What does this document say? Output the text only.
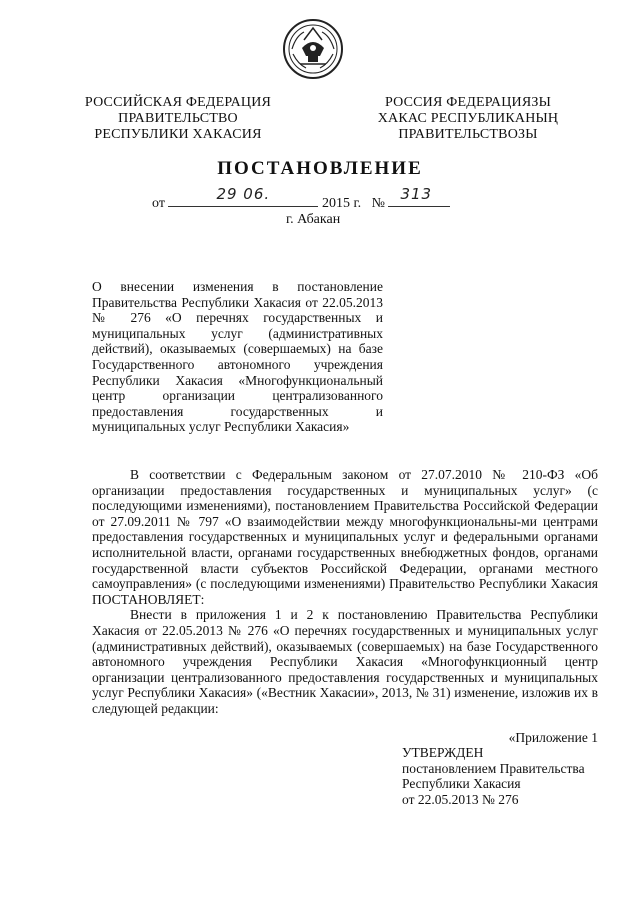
РОССИЙСКАЯ ФЕДЕРАЦИЯ
ПРАВИТЕЛЬСТВО
РЕСПУБЛИКИ ХАКАСИЯ
РОССИЯ ФЕДЕРАЦИЯЗЫ
ХАКАС РЕСПУБЛИКАНЫҢ
ПРАВИТЕЛЬСТВОЗЫ
ПОСТАНОВЛЕНИЕ
от
29 06.
2015 г. №
313
г. Абакан
О внесении изменения в постановление Правительства Республики Хакасия от 22.05.2013 № 276 «О перечнях государственных и муниципальных услуг (административных действий), оказываемых (совершаемых) на базе Государственного автономного учреждения Республики Хакасия «Многофункциональный центр организации централизованного предоставления государственных и муниципальных услуг Республики Хакасия»

В соответствии с Федеральным законом от 27.07.2010 № 210-ФЗ «Об организации предоставления государственных и муниципальных услуг» (с последующими изменениями), постановлением Правительства Российской Федерации от 27.09.2011 № 797 «О взаимодействии между многофункциональны-ми центрами предоставления государственных и муниципальных услуг и федеральными органами исполнительной власти, органами государственных внебюджетных фондов, органами государственной власти субъектов Российской Федерации, органами местного самоуправления» (с последующими изменениями) Правительство Республики Хакасия ПОСТАНОВЛЯЕТ:

Внести в приложения 1 и 2 к постановлению Правительства Республики Хакасия от 22.05.2013 № 276 «О перечнях государственных и муниципальных услуг (административных действий), оказываемых (совершаемых) на базе Государственного автономного учреждения Республики Хакасия «Многофункционный центр организации централизованного предоставления государственных и муниципальных услуг Республики Хакасия» («Вестник Хакасии», 2013, № 31) изменение, изложив их в следующей редакции:

«Приложение 1
УТВЕРЖДЕН
постановлением Правительства
Республики Хакасия
от 22.05.2013 № 276
